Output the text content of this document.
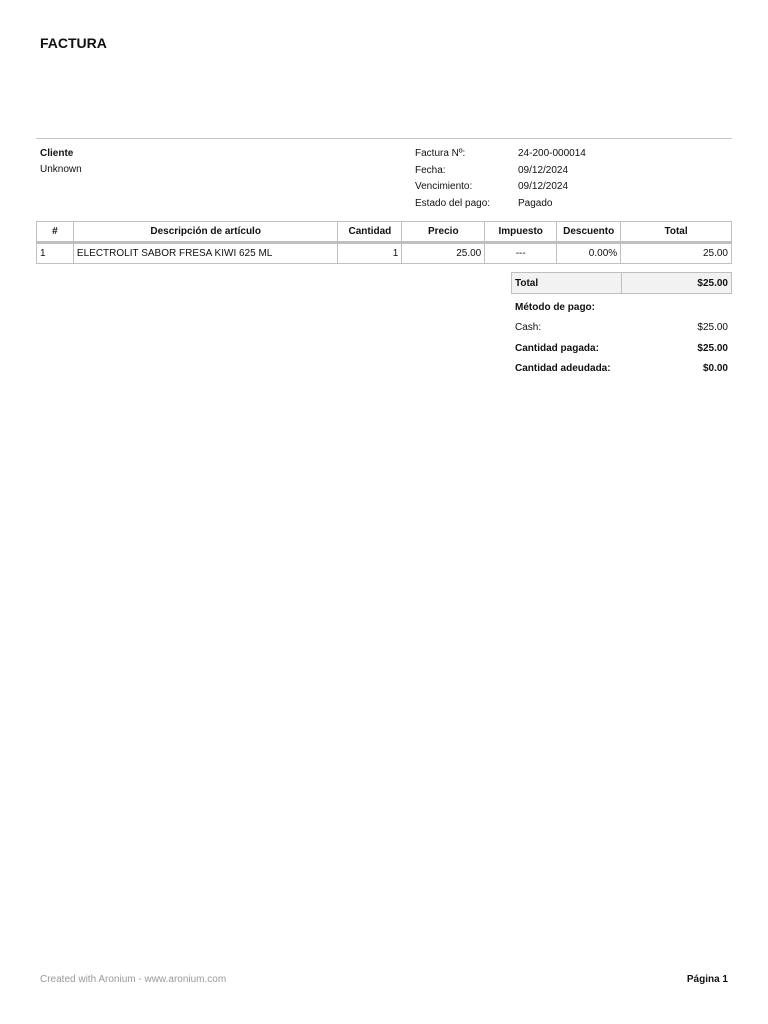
FACTURA
Cliente
Unknown
Factura Nº:	24-200-000014
Fecha:	09/12/2024
Vencimiento:	09/12/2024
Estado del pago:	Pagado
#	Descripción de artículo	Cantidad	Precio	Impuesto	Descuento	Total
1	ELECTROLIT SABOR FRESA KIWI 625 ML	1	25.00	---	0.00%	25.00
Total	$25.00
Método de pago:
Cash:	$25.00
Cantidad pagada:	$25.00
Cantidad adeudada:	$0.00
Created with Aronium - www.aronium.com	Página 1
